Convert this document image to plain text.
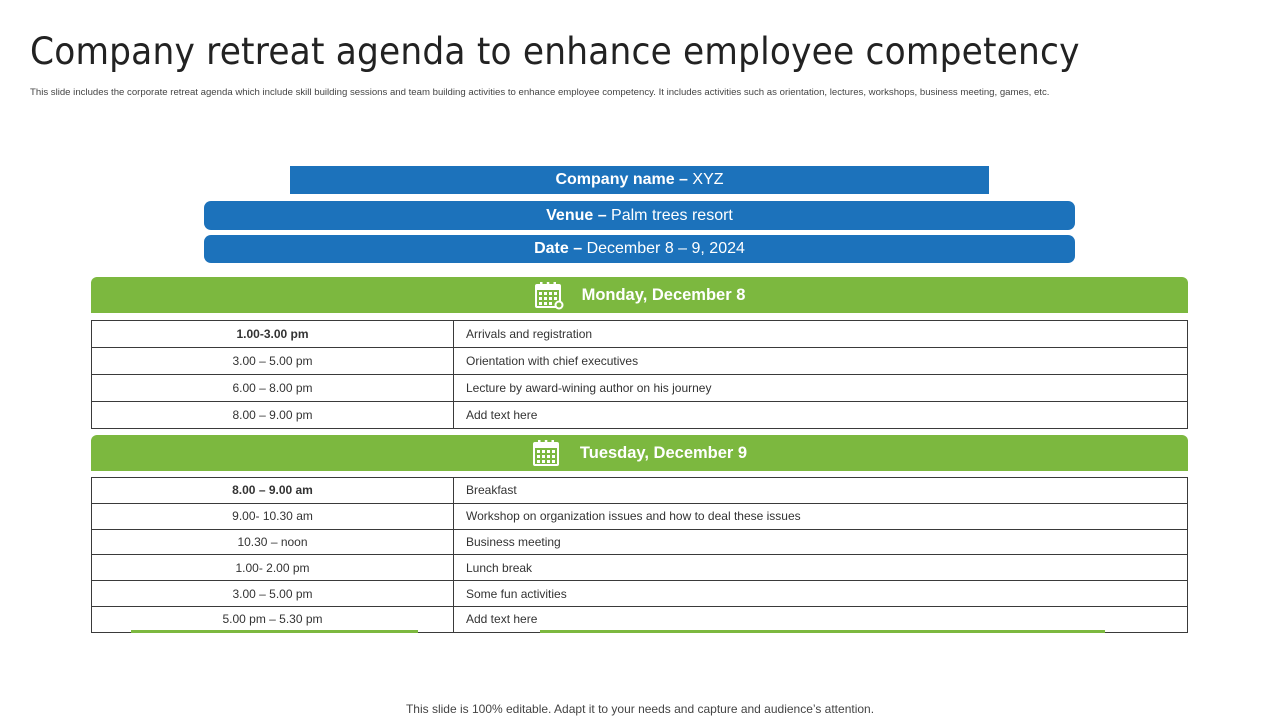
Company retreat agenda to enhance employee competency
This slide includes the corporate retreat agenda which include skill building sessions and team building activities to enhance employee competency. It includes activities such as orientation, lectures, workshops, business meeting, games, etc.
Company name – XYZ
Venue – Palm trees resort
Date – December 8 – 9, 2024
Monday, December 8
1.00-3.00 pm	Arrivals and registration
3.00 – 5.00 pm	Orientation with chief executives
6.00 – 8.00 pm	Lecture by award-wining author on his journey
8.00 – 9.00 pm	Add text here
Tuesday, December 9
8.00 – 9.00 am	Breakfast
9.00- 10.30 am	Workshop on organization issues and how to deal these issues
10.30 – noon	Business meeting
1.00- 2.00 pm	Lunch break
3.00 – 5.00 pm	Some fun activities
5.00 pm – 5.30 pm	Add text here
This slide is 100% editable. Adapt it to your needs and capture and audience’s attention.
